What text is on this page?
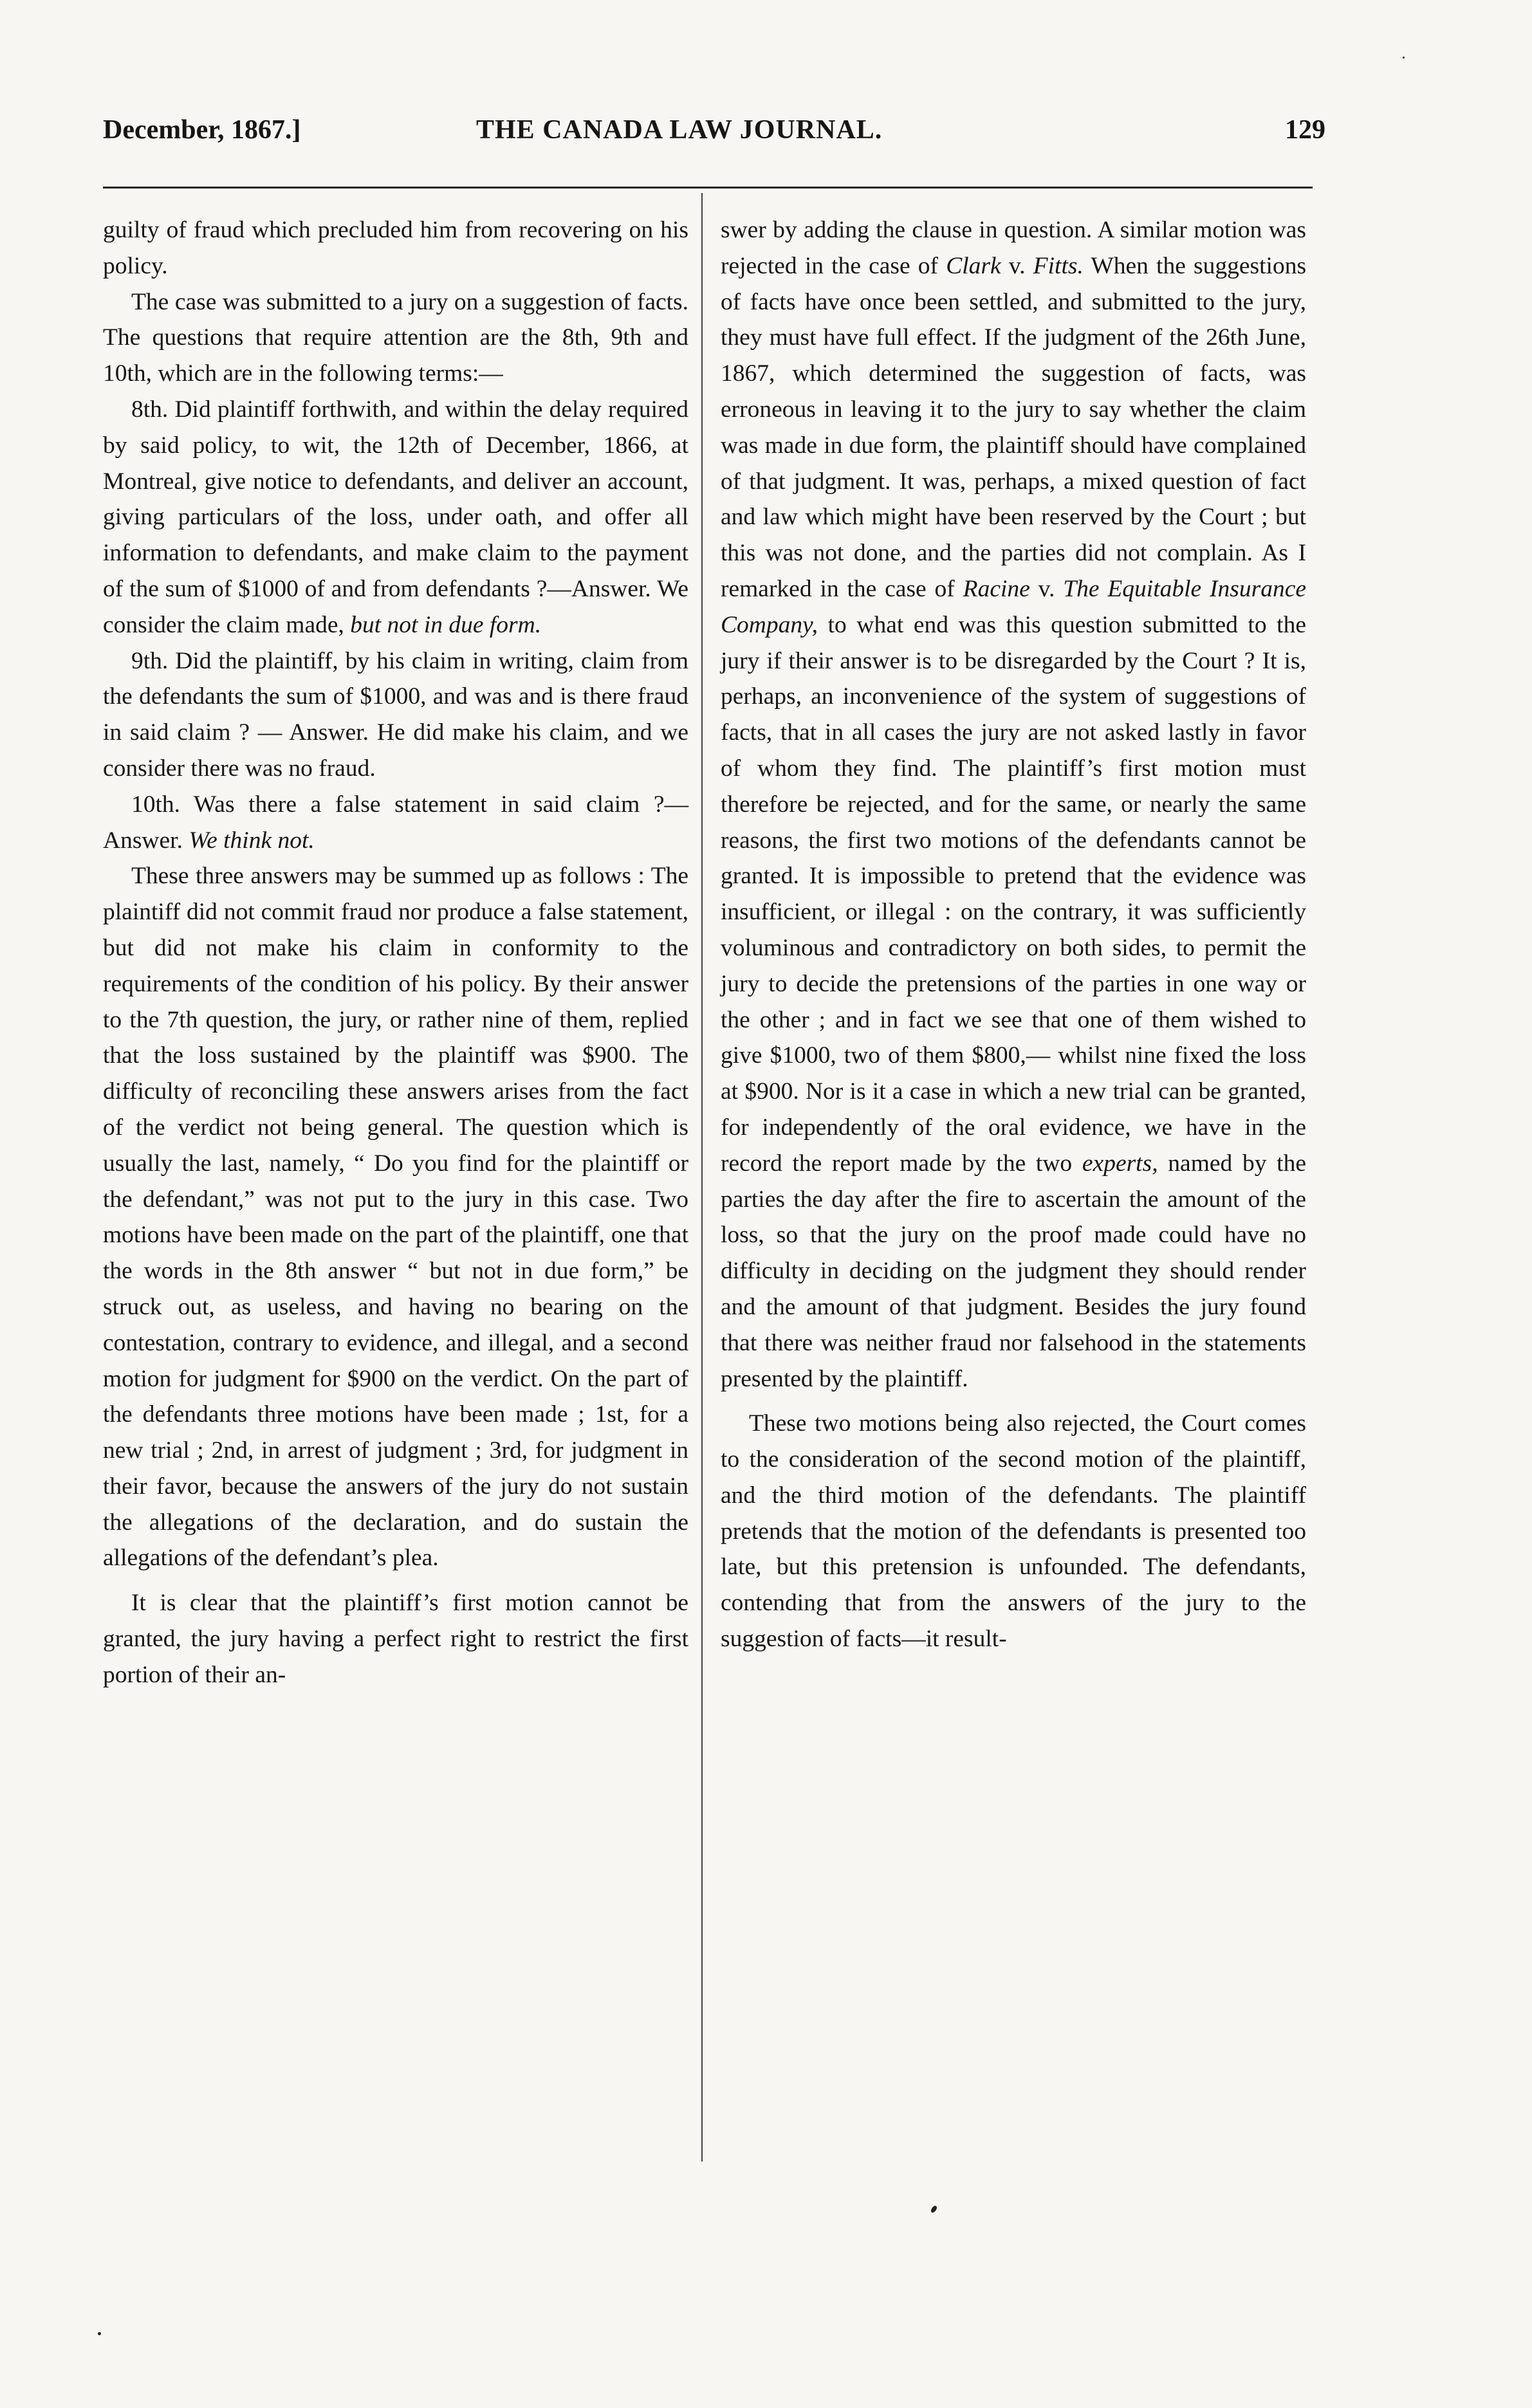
December, 1867.]	THE CANADA LAW JOURNAL.	129

guilty of fraud which precluded him from recovering on his policy.

The case was submitted to a jury on a suggestion of facts. The questions that require attention are the 8th, 9th and 10th, which are in the following terms:—

8th. Did plaintiff forthwith, and within the delay required by said policy, to wit, the 12th of December, 1866, at Montreal, give notice to defendants, and deliver an account, giving particulars of the loss, under oath, and offer all information to defendants, and make claim to the payment of the sum of $1000 of and from defendants ?—Answer. We consider the claim made, but not in due form.

9th. Did the plaintiff, by his claim in writing, claim from the defendants the sum of $1000, and was and is there fraud in said claim ? — Answer. He did make his claim, and we consider there was no fraud.

10th. Was there a false statement in said claim ?—Answer. We think not.

These three answers may be summed up as follows : The plaintiff did not commit fraud nor produce a false statement, but did not make his claim in conformity to the requirements of the condition of his policy. By their answer to the 7th question, the jury, or rather nine of them, replied that the loss sustained by the plaintiff was $900. The difficulty of reconciling these answers arises from the fact of the verdict not being general. The question which is usually the last, namely, “ Do you find for the plaintiff or the defendant,” was not put to the jury in this case. Two motions have been made on the part of the plaintiff, one that the words in the 8th answer “ but not in due form,” be struck out, as useless, and having no bearing on the contestation, contrary to evidence, and illegal, and a second motion for judgment for $900 on the verdict. On the part of the defendants three motions have been made ; 1st, for a new trial ; 2nd, in arrest of judgment ; 3rd, for judgment in their favor, because the answers of the jury do not sustain the allegations of the declaration, and do sustain the allegations of the defendant’s plea.

It is clear that the plaintiff’s first motion cannot be granted, the jury having a perfect right to restrict the first portion of their an-

swer by adding the clause in question. A similar motion was rejected in the case of Clark v. Fitts. When the suggestions of facts have once been settled, and submitted to the jury, they must have full effect. If the judgment of the 26th June, 1867, which determined the suggestion of facts, was erroneous in leaving it to the jury to say whether the claim was made in due form, the plaintiff should have complained of that judgment. It was, perhaps, a mixed question of fact and law which might have been reserved by the Court ; but this was not done, and the parties did not complain. As I remarked in the case of Racine v. The Equitable Insurance Company, to what end was this question submitted to the jury if their answer is to be disregarded by the Court ? It is, perhaps, an inconvenience of the system of suggestions of facts, that in all cases the jury are not asked lastly in favor of whom they find. The plaintiff’s first motion must therefore be rejected, and for the same, or nearly the same reasons, the first two motions of the defendants cannot be granted. It is impossible to pretend that the evidence was insufficient, or illegal : on the contrary, it was sufficiently voluminous and contradictory on both sides, to permit the jury to decide the pretensions of the parties in one way or the other ; and in fact we see that one of them wished to give $1000, two of them $800,— whilst nine fixed the loss at $900. Nor is it a case in which a new trial can be granted, for independently of the oral evidence, we have in the record the report made by the two experts, named by the parties the day after the fire to ascertain the amount of the loss, so that the jury on the proof made could have no difficulty in deciding on the judgment they should render and the amount of that judgment. Besides the jury found that there was neither fraud nor falsehood in the statements presented by the plaintiff.

These two motions being also rejected, the Court comes to the consideration of the second motion of the plaintiff, and the third motion of the defendants. The plaintiff pretends that the motion of the defendants is presented too late, but this pretension is unfounded. The defendants, contending that from the answers of the jury to the suggestion of facts—it result-
